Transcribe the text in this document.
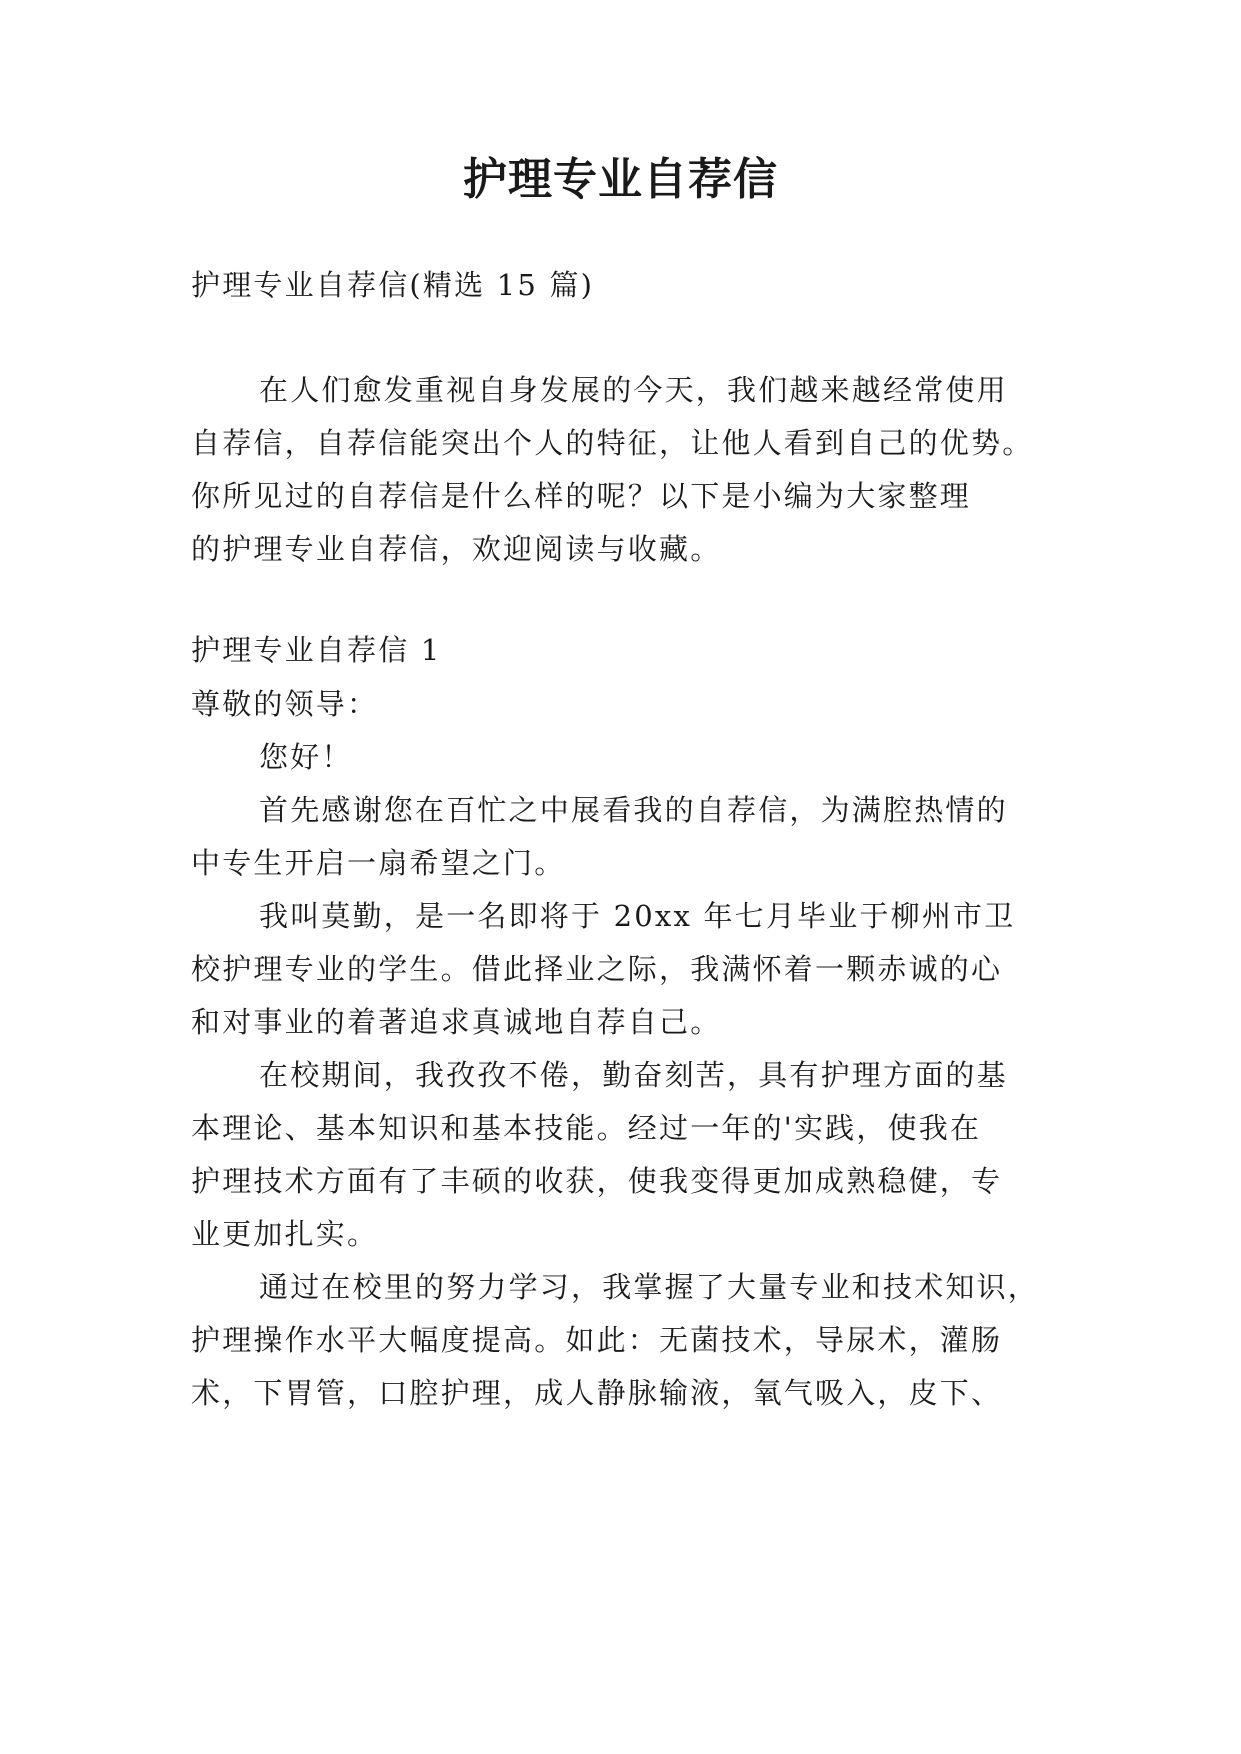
护理专业自荐信
护理专业自荐信(精选 15 篇)
在人们愈发重视自身发展的今天，我们越来越经常使用
自荐信，自荐信能突出个人的特征，让他人看到自己的优势。
你所见过的自荐信是什么样的呢？以下是小编为大家整理
的护理专业自荐信，欢迎阅读与收藏。
护理专业自荐信 1
尊敬的领导：
您好！
首先感谢您在百忙之中展看我的自荐信，为满腔热情的
中专生开启一扇希望之门。
我叫莫勤，是一名即将于 20xx 年七月毕业于柳州市卫
校护理专业的学生。借此择业之际，我满怀着一颗赤诚的心
和对事业的着著追求真诚地自荐自己。
在校期间，我孜孜不倦，勤奋刻苦，具有护理方面的基
本理论、基本知识和基本技能。经过一年的'实践，使我在
护理技术方面有了丰硕的收获，使我变得更加成熟稳健，专
业更加扎实。
通过在校里的努力学习，我掌握了大量专业和技术知识，
护理操作水平大幅度提高。如此：无菌技术，导尿术，灌肠
术，下胃管，口腔护理，成人静脉输液，氧气吸入，皮下、
